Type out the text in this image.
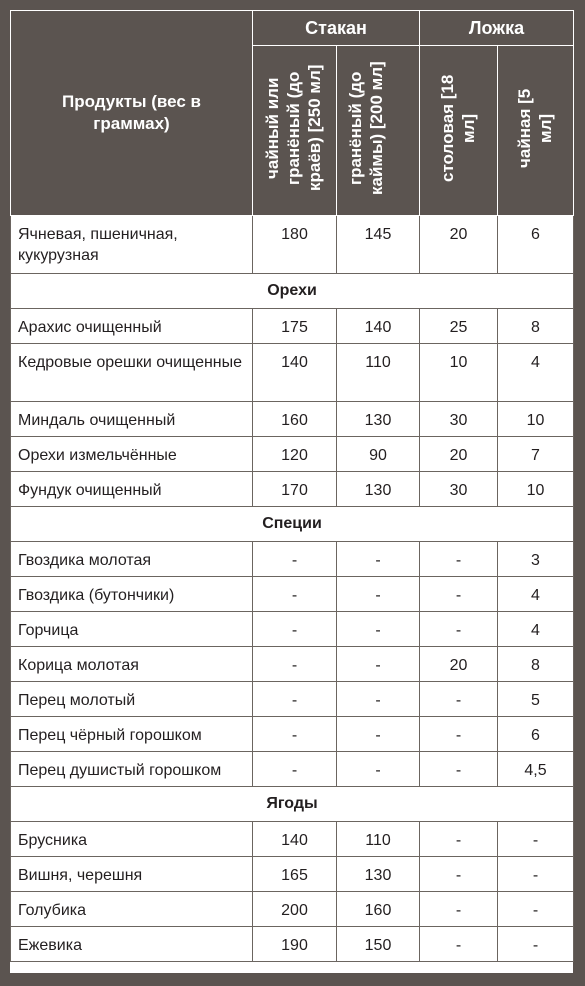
Продукты (вес в граммах)	Стакан		Ложка	
	чайный или гранёный (до краёв) [250 мл]	гранёный (до каймы) [200 мл]	столовая [18 мл]	чайная [5 мл]
Ячневая, пшеничная, кукурузная	180	145	20	6
Орехи				
Арахис очищенный	175	140	25	8
Кедровые орешки очищенные	140	110	10	4
Миндаль очищенный	160	130	30	10
Орехи измельчённые	120	90	20	7
Фундук очищенный	170	130	30	10
Специи				
Гвоздика молотая	-	-	-	3
Гвоздика (бутончики)	-	-	-	4
Горчица	-	-	-	4
Корица молотая	-	-	20	8
Перец молотый	-	-	-	5
Перец чёрный горошком	-	-	-	6
Перец душистый горошком	-	-	-	4,5
Ягоды				
Брусника	140	110	-	-
Вишня, черешня	165	130	-	-
Голубика	200	160	-	-
Ежевика	190	150	-	-
